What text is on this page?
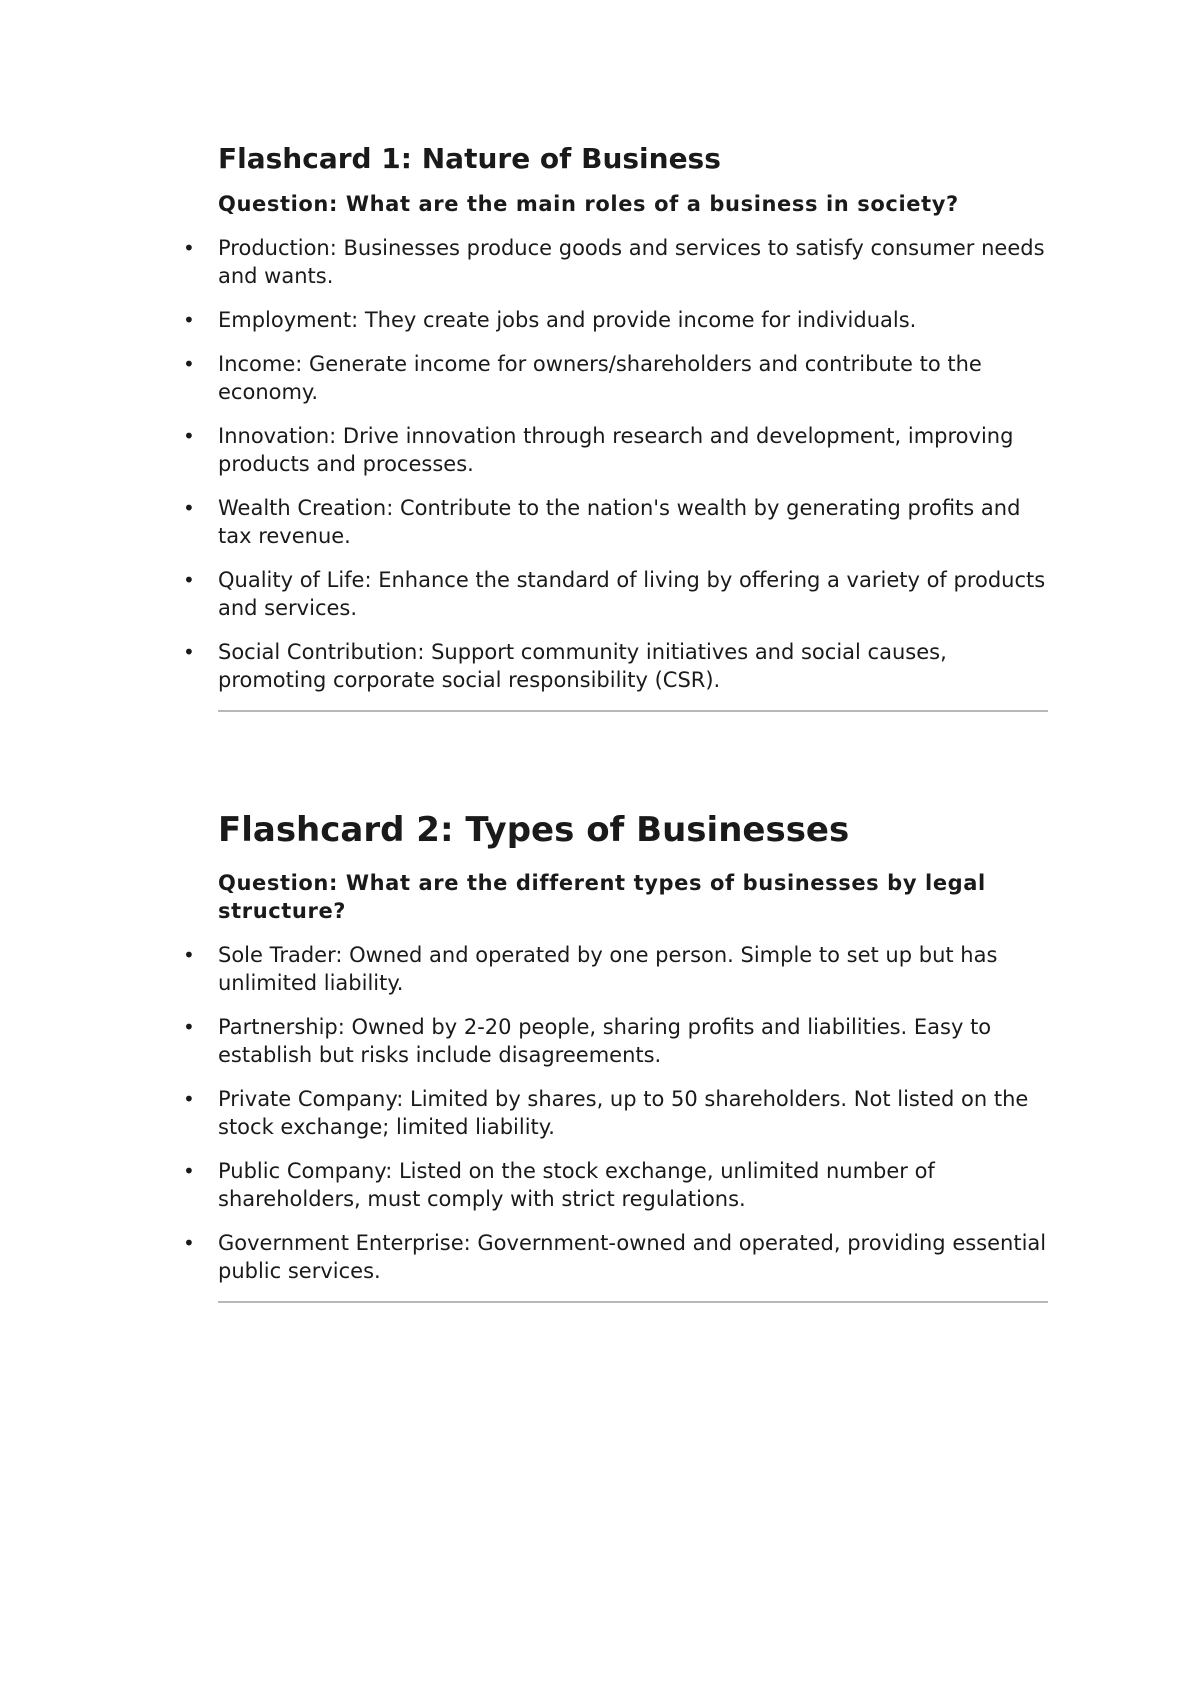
Flashcard 1: Nature of Business

Question: What are the main roles of a business in society?

• Production: Businesses produce goods and services to satisfy consumer needs and wants.
• Employment: They create jobs and provide income for individuals.
• Income: Generate income for owners/shareholders and contribute to the economy.
• Innovation: Drive innovation through research and development, improving products and processes.
• Wealth Creation: Contribute to the nation's wealth by generating profits and tax revenue.
• Quality of Life: Enhance the standard of living by offering a variety of products and services.
• Social Contribution: Support community initiatives and social causes, promoting corporate social responsibility (CSR).
Flashcard 2: Types of Businesses

Question: What are the different types of businesses by legal structure?

• Sole Trader: Owned and operated by one person. Simple to set up but has unlimited liability.
• Partnership: Owned by 2-20 people, sharing profits and liabilities. Easy to establish but risks include disagreements.
• Private Company: Limited by shares, up to 50 shareholders. Not listed on the stock exchange; limited liability.
• Public Company: Listed on the stock exchange, unlimited number of shareholders, must comply with strict regulations.
• Government Enterprise: Government-owned and operated, providing essential public services.
